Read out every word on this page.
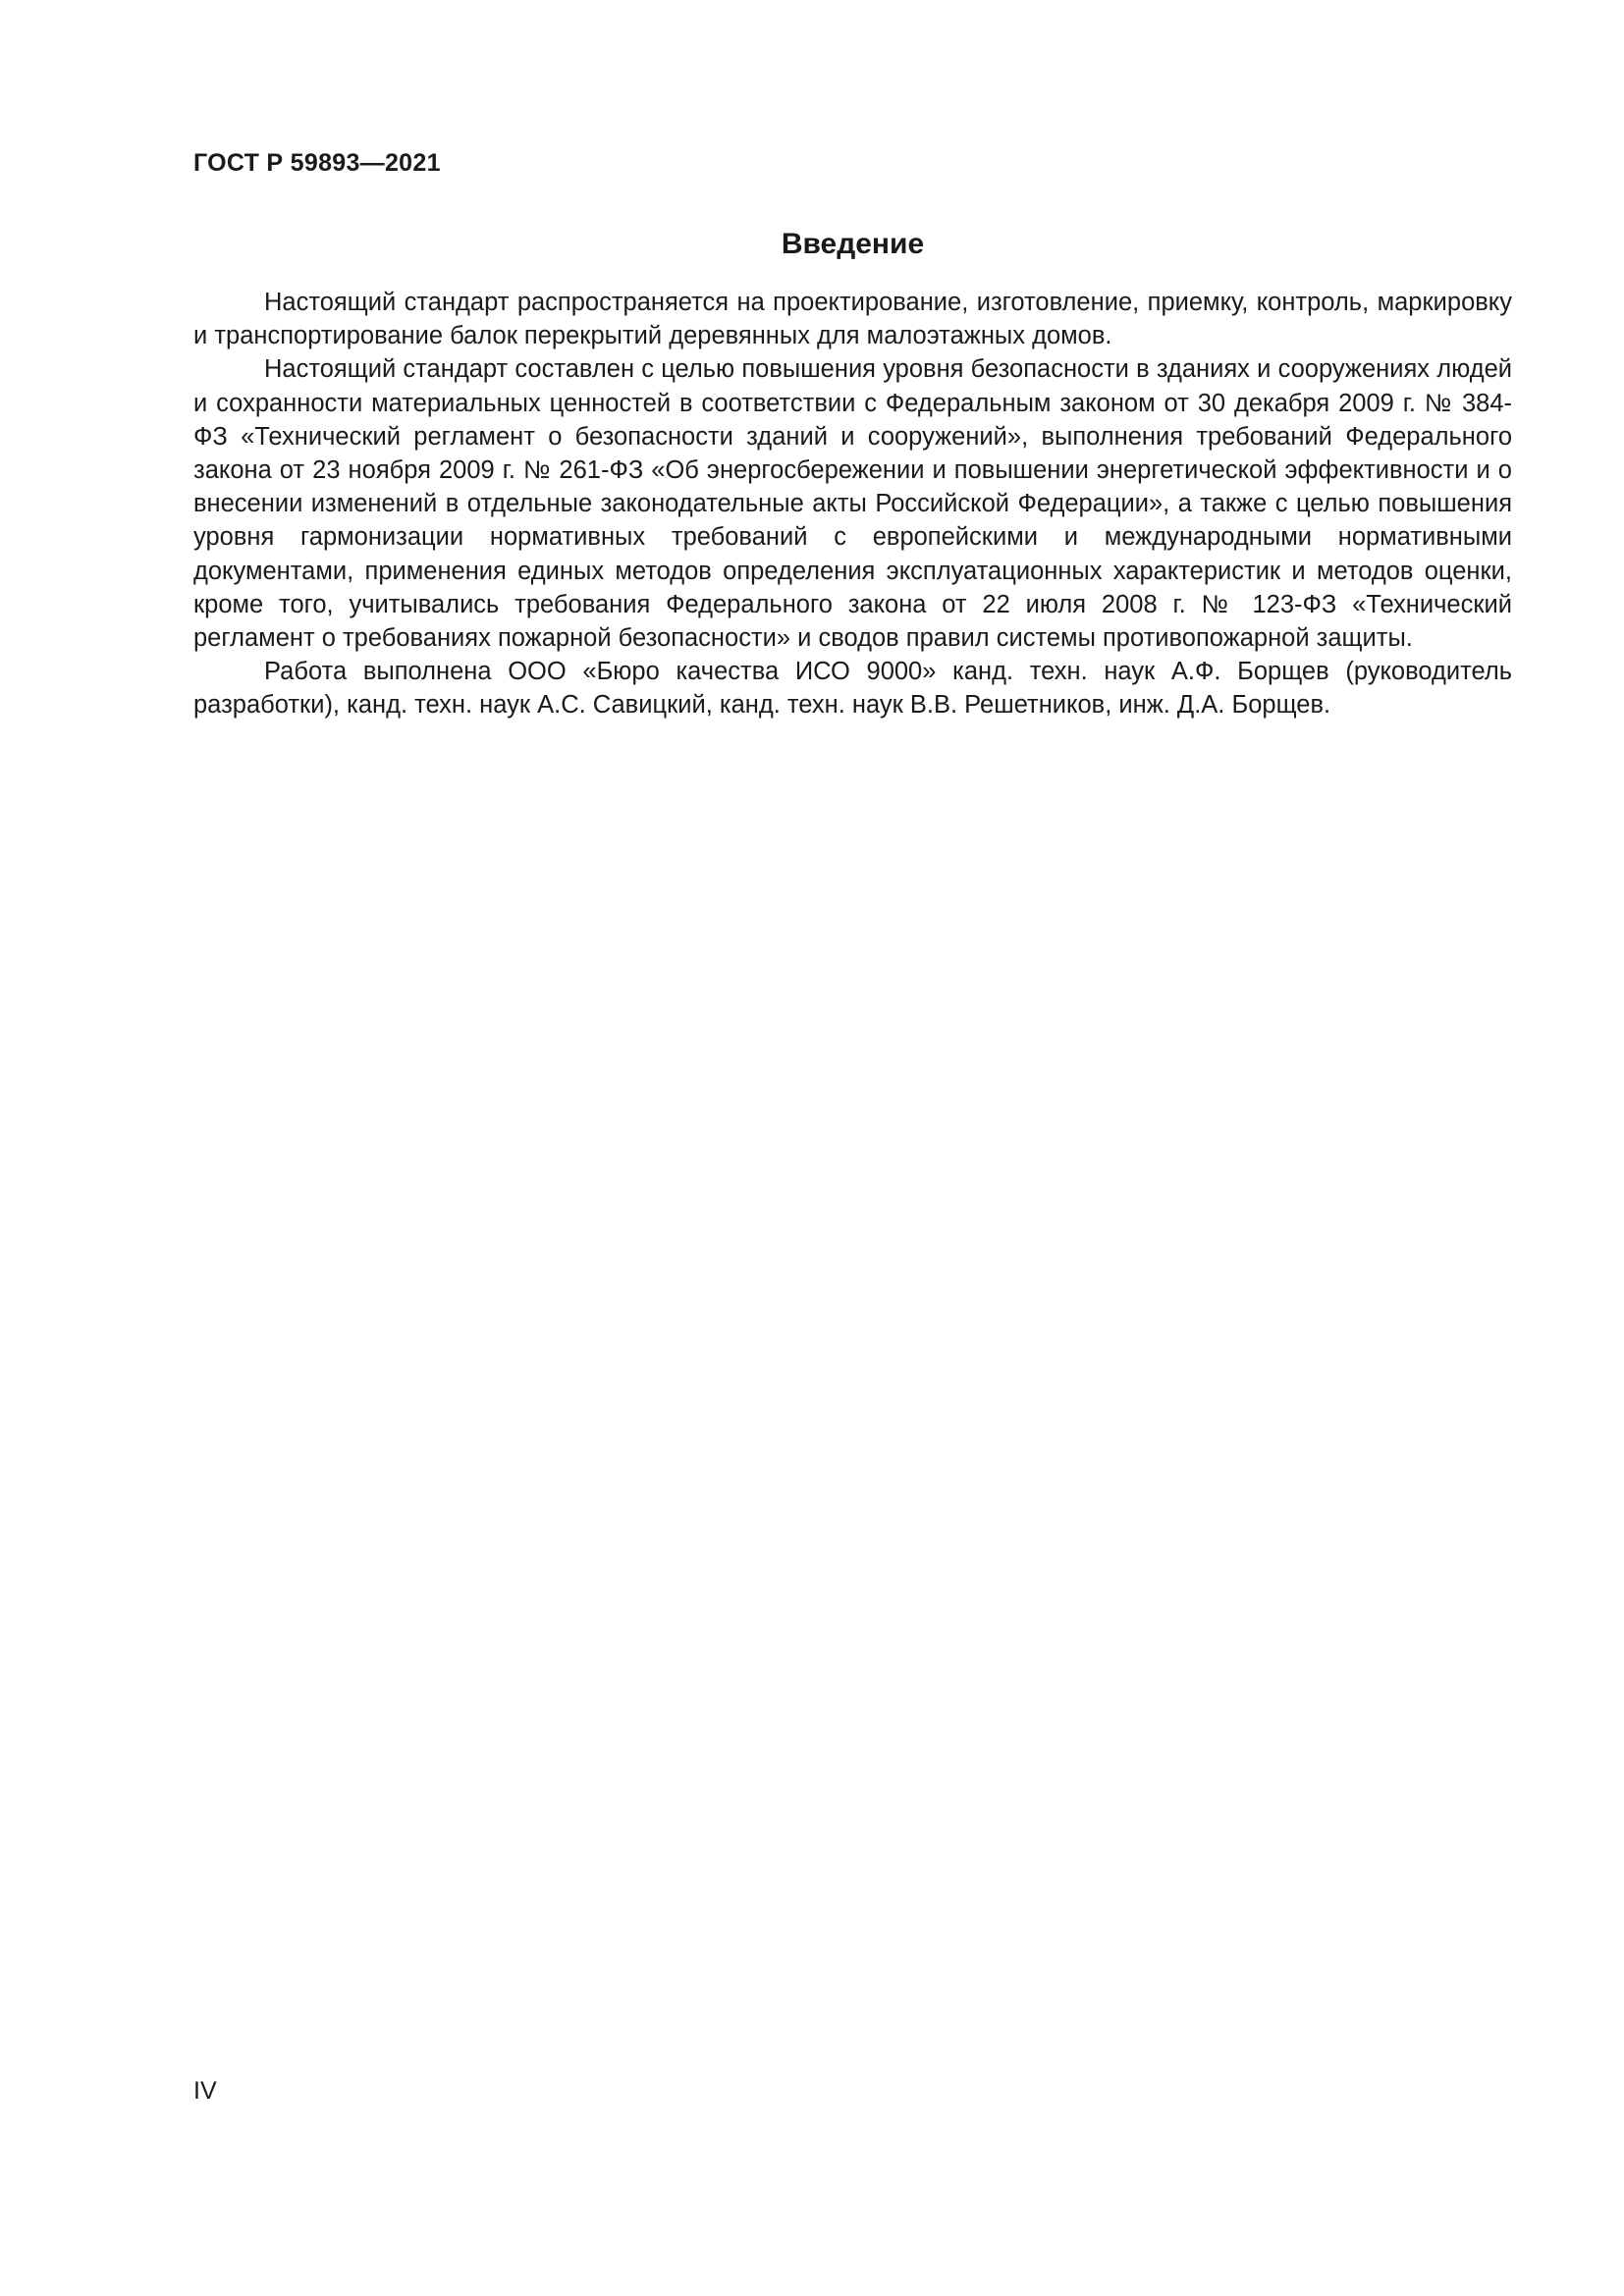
ГОСТ Р 59893—2021
Введение

Настоящий стандарт распространяется на проектирование, изготовление, приемку, контроль, маркировку и транспортирование балок перекрытий деревянных для малоэтажных домов.

Настоящий стандарт составлен с целью повышения уровня безопасности в зданиях и сооружениях людей и сохранности материальных ценностей в соответствии с Федеральным законом от 30 декабря 2009 г. № 384-ФЗ «Технический регламент о безопасности зданий и сооружений», выполнения требований Федерального закона от 23 ноября 2009 г. № 261-ФЗ «Об энергосбережении и повышении энергетической эффективности и о внесении изменений в отдельные законодательные акты Российской Федерации», а также с целью повышения уровня гармонизации нормативных требований с европейскими и международными нормативными документами, применения единых методов определения эксплуатационных характеристик и методов оценки, кроме того, учитывались требования Федерального закона от 22 июля 2008 г. № 123-ФЗ «Технический регламент о требованиях пожарной безопасности» и сводов правил системы противопожарной защиты.

Работа выполнена ООО «Бюро качества ИСО 9000» канд. техн. наук А.Ф. Борщев (руководитель разработки), канд. техн. наук А.С. Савицкий, канд. техн. наук В.В. Решетников, инж. Д.А. Борщев.

IV
